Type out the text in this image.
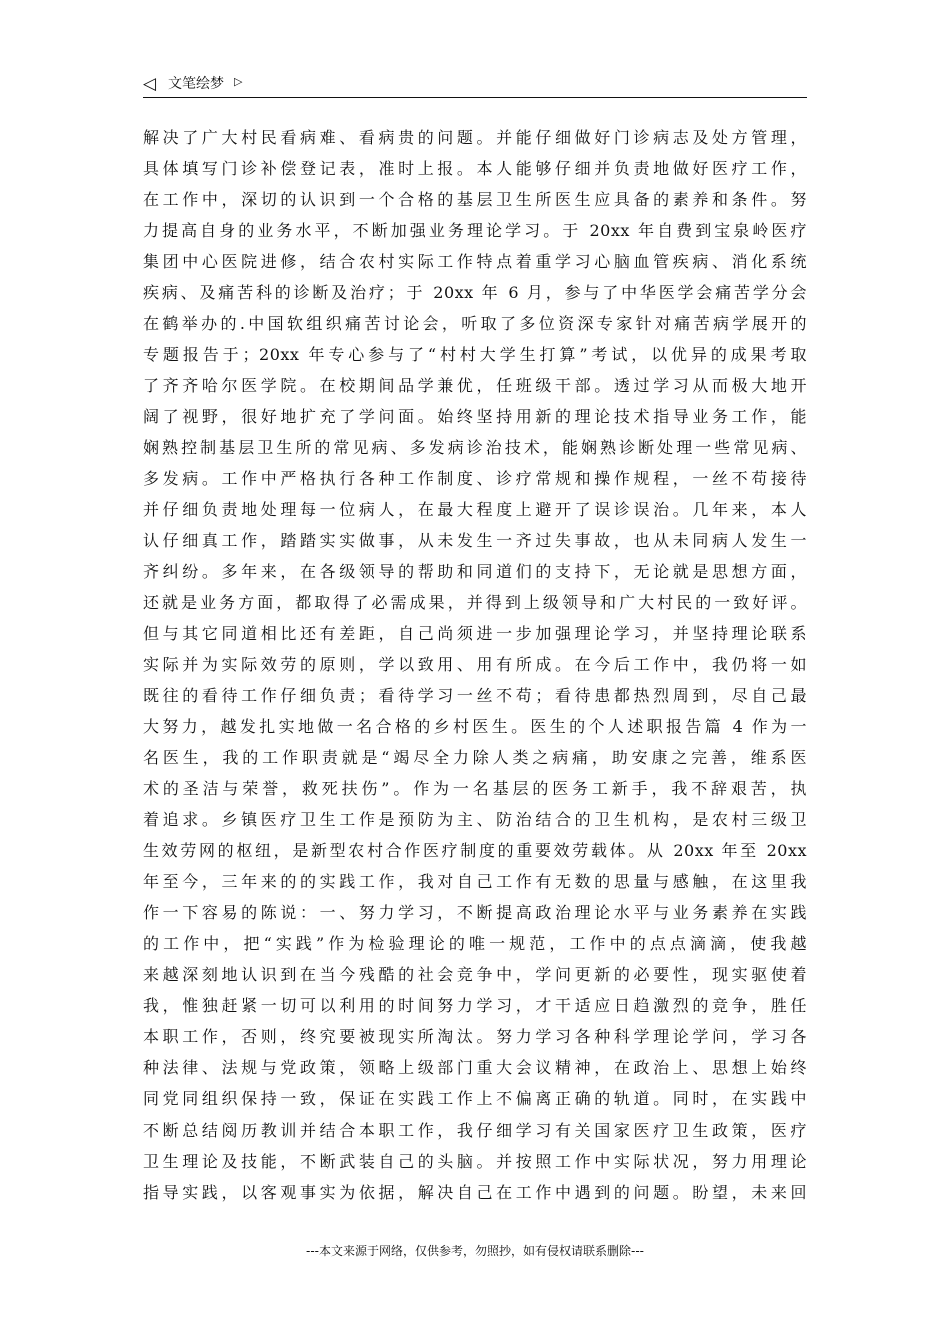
◁ 文笔绘梦 ▷
解决了广大村民看病难、看病贵的问题。并能仔细做好门诊病志及处方管理，
具体填写门诊补偿登记表，准时上报。本人能够仔细并负责地做好医疗工作，
在工作中，深切的认识到一个合格的基层卫生所医生应具备的素养和条件。努
力提高自身的业务水平，不断加强业务理论学习。于 20xx 年自费到宝泉岭医疗
集团中心医院进修，结合农村实际工作特点着重学习心脑血管疾病、消化系统
疾病、及痛苦科的诊断及治疗；于 20xx 年 6 月，参与了中华医学会痛苦学分会
在鹤举办的.中国软组织痛苦讨论会，听取了多位资深专家针对痛苦病学展开的
专题报告于；20xx 年专心参与了“村村大学生打算”考试，以优异的成果考取
了齐齐哈尔医学院。在校期间品学兼优，任班级干部。透过学习从而极大地开
阔了视野，很好地扩充了学问面。始终坚持用新的理论技术指导业务工作，能
娴熟控制基层卫生所的常见病、多发病诊治技术，能娴熟诊断处理一些常见病、
多发病。工作中严格执行各种工作制度、诊疗常规和操作规程，一丝不苟接待
并仔细负责地处理每一位病人，在最大程度上避开了误诊误治。几年来，本人
认仔细真工作，踏踏实实做事，从未发生一齐过失事故，也从未同病人发生一
齐纠纷。多年来，在各级领导的帮助和同道们的支持下，无论就是思想方面，
还就是业务方面，都取得了必需成果，并得到上级领导和广大村民的一致好评。
但与其它同道相比还有差距，自己尚须进一步加强理论学习，并坚持理论联系
实际并为实际效劳的原则，学以致用、用有所成。在今后工作中，我仍将一如
既往的看待工作仔细负责；看待学习一丝不苟；看待患都热烈周到，尽自己最
大努力，越发扎实地做一名合格的乡村医生。医生的个人述职报告篇 4 作为一
名医生，我的工作职责就是“竭尽全力除人类之病痛，助安康之完善，维系医
术的圣洁与荣誉，救死扶伤”。作为一名基层的医务工新手，我不辞艰苦，执
着追求。乡镇医疗卫生工作是预防为主、防治结合的卫生机构，是农村三级卫
生效劳网的枢纽，是新型农村合作医疗制度的重要效劳载体。从 20xx 年至 20xx
年至今，三年来的的实践工作，我对自己工作有无数的思量与感触，在这里我
作一下容易的陈说：一、努力学习，不断提高政治理论水平与业务素养在实践
的工作中，把“实践”作为检验理论的唯一规范，工作中的点点滴滴，使我越
来越深刻地认识到在当今残酷的社会竞争中，学问更新的必要性，现实驱使着
我，惟独赶紧一切可以利用的时间努力学习，才干适应日趋激烈的竞争，胜任
本职工作，否则，终究要被现实所淘汰。努力学习各种科学理论学问，学习各
种法律、法规与党政策，领略上级部门重大会议精神，在政治上、思想上始终
同党同组织保持一致，保证在实践工作上不偏离正确的轨道。同时，在实践中
不断总结阅历教训并结合本职工作，我仔细学习有关国家医疗卫生政策，医疗
卫生理论及技能，不断武装自己的头脑。并按照工作中实际状况，努力用理论
指导实践，以客观事实为依据，解决自己在工作中遇到的问题。盼望，未来回
---本文来源于网络，仅供参考，勿照抄，如有侵权请联系删除---
